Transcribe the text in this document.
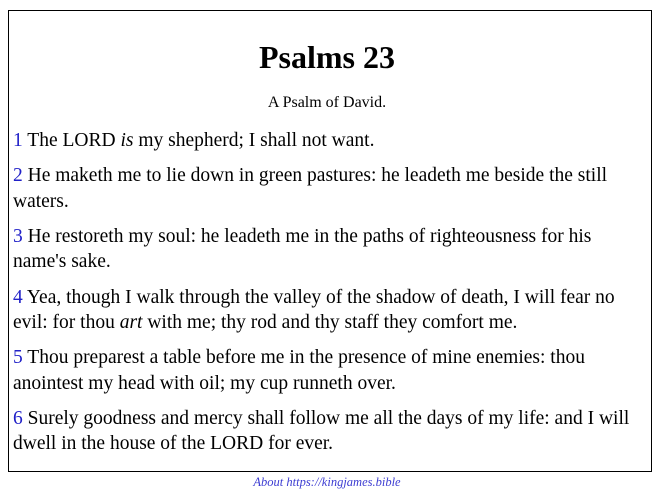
Psalms 23

A Psalm of David.

1 The LORD is my shepherd; I shall not want.

2 He maketh me to lie down in green pastures: he leadeth me beside the still waters.

3 He restoreth my soul: he leadeth me in the paths of righteousness for his name's sake.

4 Yea, though I walk through the valley of the shadow of death, I will fear no evil: for thou art with me; thy rod and thy staff they comfort me.

5 Thou preparest a table before me in the presence of mine enemies: thou anointest my head with oil; my cup runneth over.

6 Surely goodness and mercy shall follow me all the days of my life: and I will dwell in the house of the LORD for ever.

About https://kingjames.bible
